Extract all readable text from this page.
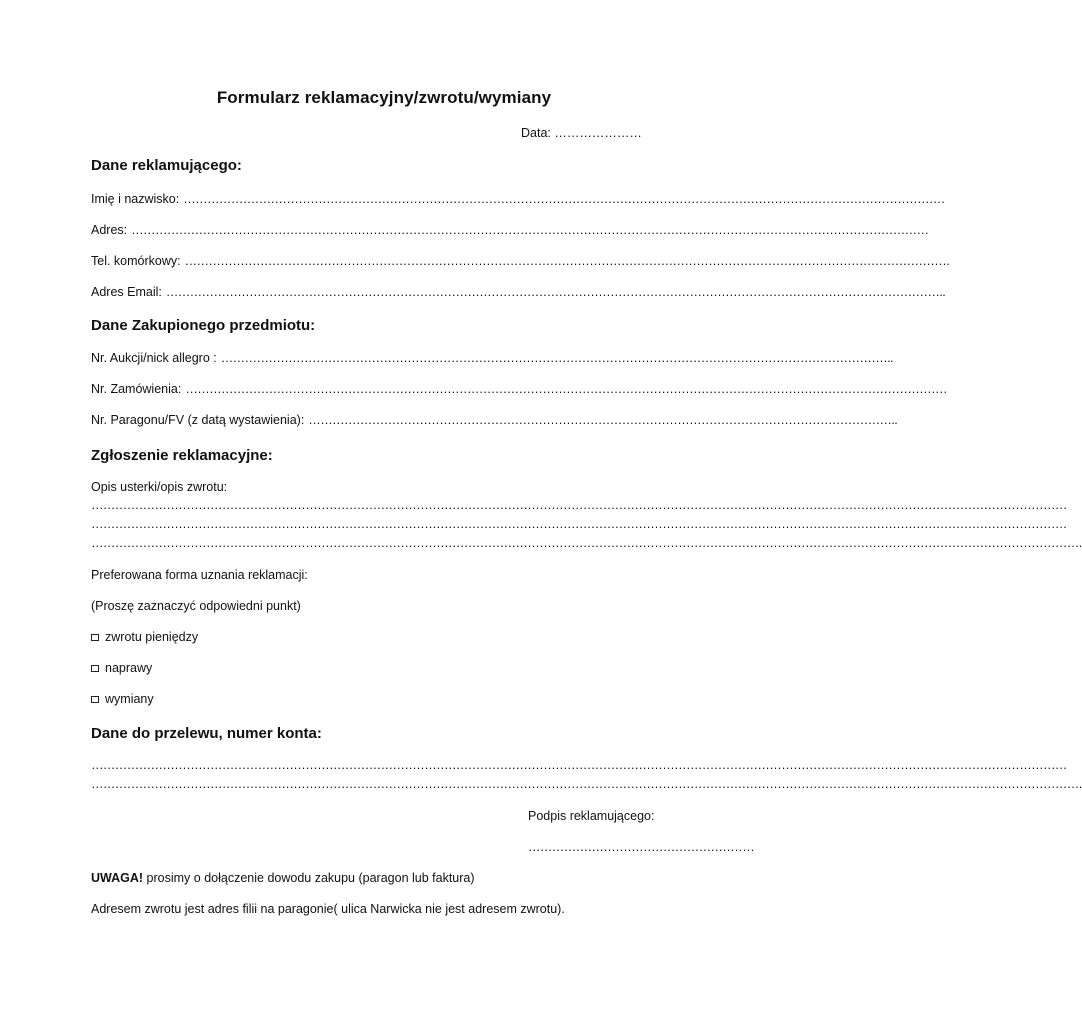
Formularz reklamacyjny/zwrotu/wymiany
Data: …………………
Dane reklamującego:
Imię i nazwisko: …………………………………………………………………………………………………………………………………………………………………………
Adres: …………………………………………………………………………………………………………………………………………………………………………………
Tel. komórkowy: ………………………………………………………………………………………………………………………………………………………………………….
Adres Email: ……………………………………………………………………………………………………………………………………………………………………………..
Dane Zakupionego przedmiotu:
Nr. Aukcji/nick allegro : ……………………………………………………………………………………………………………………………………………………..
Nr. Zamówienia: …………………………………………………………………………………………………………………………………………………………………………
Nr. Paragonu/FV (z datą wystawienia): …………………………………………………………………………………………………………………………………..
Zgłoszenie reklamacyjne:
Opis usterki/opis zwrotu:
…………………………………………………………………………………………………………………………………………………………………………………………………………………………
…………………………………………………………………………………………………………………………………………………………………………………………………………………………
…………………………………………………………………………………………………………………………………………………………………………………………………………………………….
Preferowana forma uznania reklamacji:
(Proszę zaznaczyć odpowiedni punkt)
zwrotu pieniędzy
naprawy
wymiany
Dane do przelewu, numer konta:
…………………………………………………………………………………………………………………………………………………………………………………………………………………………
…………………………………………………………………………………………………………………………………………………………………………………………………………………………….
Podpis reklamującego:
…………………………………………………
UWAGA! prosimy o dołączenie dowodu zakupu (paragon lub faktura)
Adresem zwrotu jest adres filii na paragonie( ulica Narwicka nie jest adresem zwrotu).
